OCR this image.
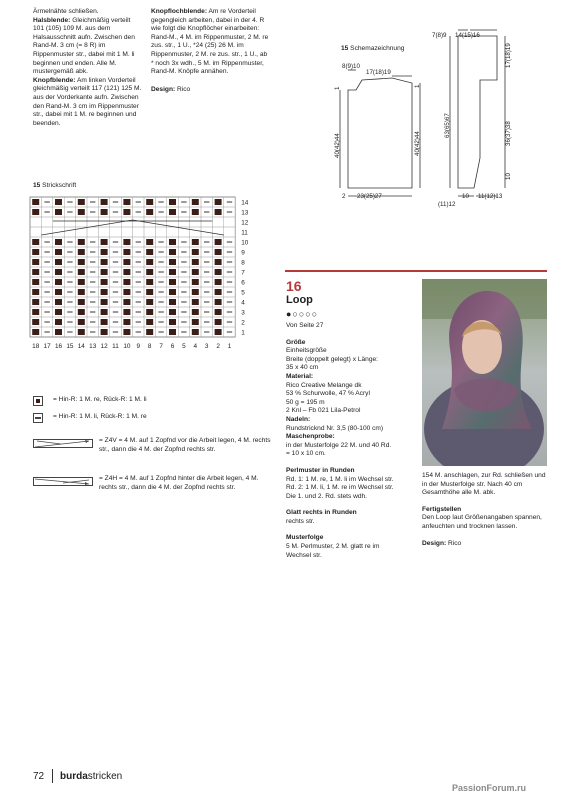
Ärmelnähte schließen.

Halsblende: Gleichmäßig verteilt 101 (105) 109 M. aus dem Halsausschnitt aufn. Zwischen den Rand-M. 3 cm (= 8 R) im Rippenmuster str., dabei mit 1 M. li beginnen und enden. Alle M. mustergemäß abk.

Knopfblende: Am linken Vorderteil gleichmäßig verteilt 117 (121) 125 M. aus der Vorderkante aufn. Zwischen den Rand-M. 3 cm im Rippenmuster str., dabei mit 1 M. re beginnen und beenden.

Knopflochblende: Am re Vorderteil gegengleich arbeiten, dabei in der 4. R wie folgt die Knopflöcher einarbeiten: Rand-M., 4 M. im Rippenmuster, 2 M. re zus. str., 1 U., *24 (25) 26 M. im Rippenmuster, 2 M. re zus. str., 1 U., ab * noch 3x wdh., 5 M. im Rippenmuster, Rand-M. Knöpfe annähen.

Design: Rico

15 Schemazeichnung
8(9)10
17(18)19
1
40(42)44	40(42)44
1
2 23(25)27
7(8)9 14(15)16
63(65)67
17(18)19
36(37)38
10
10 11(12)13
(11)12
15 Strickschrift
14
13
12
11
10
9
8
7
6
5
4
3
2
1
18 17 16 15 14 13 12 11 10 9 8 7 6 5 4 3 2 1
= Hin-R: 1 M. re, Rück-R: 1 M. li
= Hin-R: 1 M. li, Rück-R: 1 M. re
= Z4V = 4 M. auf 1 Zopfnd vor die Arbeit legen, 4 M. rechts str., dann die 4 M. der Zopfnd rechts str.
= Z4H = 4 M. auf 1 Zopfnd hinter die Arbeit legen, 4 M. rechts str., dann die 4 M. der Zopfnd rechts str.
16
Loop
●○○○○

Von Seite 27

Größe

Einheitsgröße
Breite (doppelt gelegt) x Länge:
35 x 40 cm

Material:

Rico Creative Melange dk
53 % Schurwolle, 47 % Acryl
50 g = 195 m
2 Knl – Fb 021 Lila-Petrol

Nadeln:

Rundstricknd Nr. 3,5 (80-100 cm)

Maschenprobe:

in der Musterfolge 22 M. und 40 Rd.
= 10 x 10 cm.

Perlmuster in Runden

Rd. 1: 1 M. re, 1 M. li im Wechsel str.
Rd. 2: 1 M. li, 1 M. re im Wechsel str.
Die 1. und 2. Rd. stets wdh.

Glatt rechts in Runden

rechts str.

Musterfolge

5 M. Perlmuster, 2 M. glatt re im
Wechsel str.

154 M. anschlagen, zur Rd. schließen und in der Musterfolge str. Nach 40 cm Gesamthöhe alle M. abk.

Fertigstellen

Den Loop laut Größenangaben spannen, anfeuchten und trocknen lassen.

Design: Rico

72 burdastricken
PassionForum.ru
